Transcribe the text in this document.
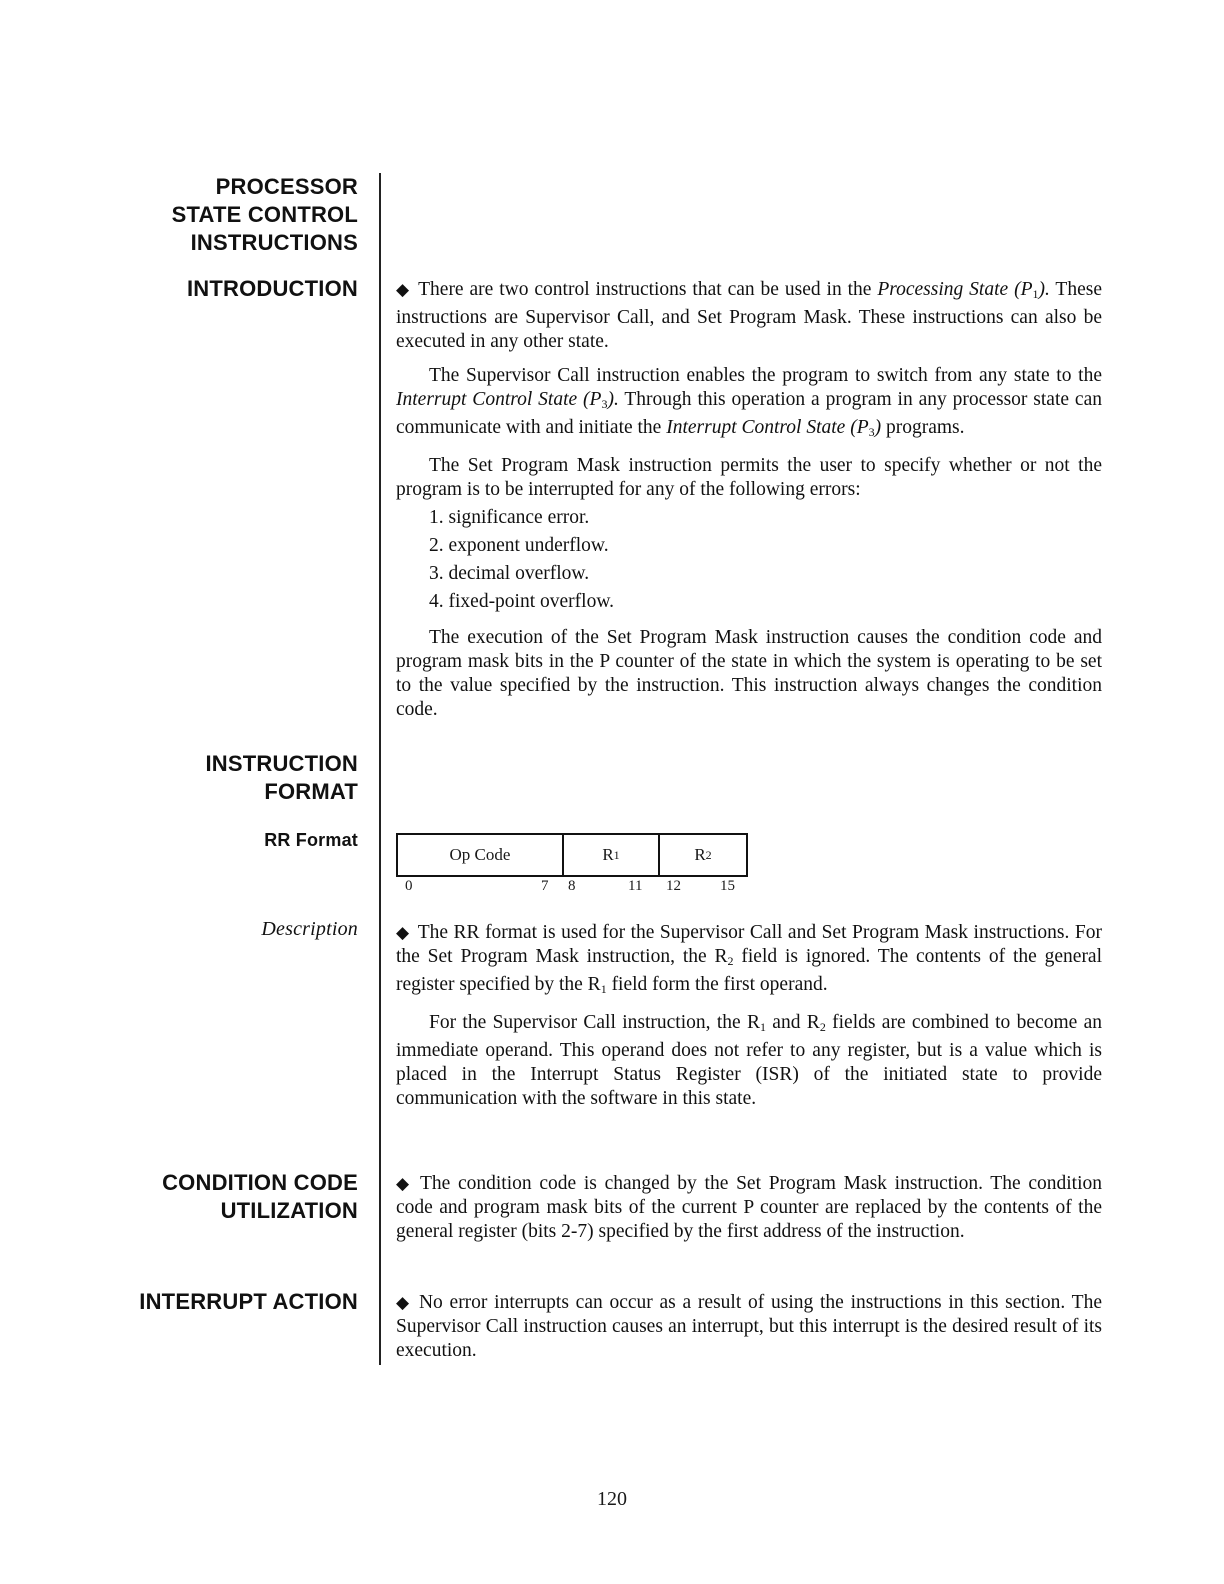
PROCESSOR
STATE CONTROL
INSTRUCTIONS
INTRODUCTION
INSTRUCTION
FORMAT
RR Format
Description
CONDITION CODE
UTILIZATION
INTERRUPT ACTION

◆ There are two control instructions that can be used in the Processing State $(P_1)$. These instructions are Supervisor Call, and Set Program Mask. These instructions can also be executed in any other state.

The Supervisor Call instruction enables the program to switch from any state to the Interrupt Control State $(P_3)$. Through this operation a program in any processor state can communicate with and initiate the Interrupt Control State $(P_3)$ programs.

The Set Program Mask instruction permits the user to specify whether or not the program is to be interrupted for any of the following errors:

1. significance error.
2. exponent underflow.
3. decimal overflow.
4. fixed-point overflow.

The execution of the Set Program Mask instruction causes the condition code and program mask bits in the P counter of the state in which the system is operating to be set to the value specified by the instruction. This instruction always changes the condition code.

Op Code	R 1	R 2
0	7 8	11 12	15

◆ The RR format is used for the Supervisor Call and Set Program Mask instructions. For the Set Program Mask instruction, the $R_2$ field is ignored. The contents of the general register specified by the $R_1$ field form the first operand.

For the Supervisor Call instruction, the $R_1$ and $R_2$ fields are combined to become an immediate operand. This operand does not refer to any register, but is a value which is placed in the Interrupt Status Register (ISR) of the initiated state to provide communication with the software in this state.

◆ The condition code is changed by the Set Program Mask instruction. The condition code and program mask bits of the current P counter are replaced by the contents of the general register (bits 2-7) specified by the first address of the instruction.

◆ No error interrupts can occur as a result of using the instructions in this section. The Supervisor Call instruction causes an interrupt, but this interrupt is the desired result of its execution.

120
